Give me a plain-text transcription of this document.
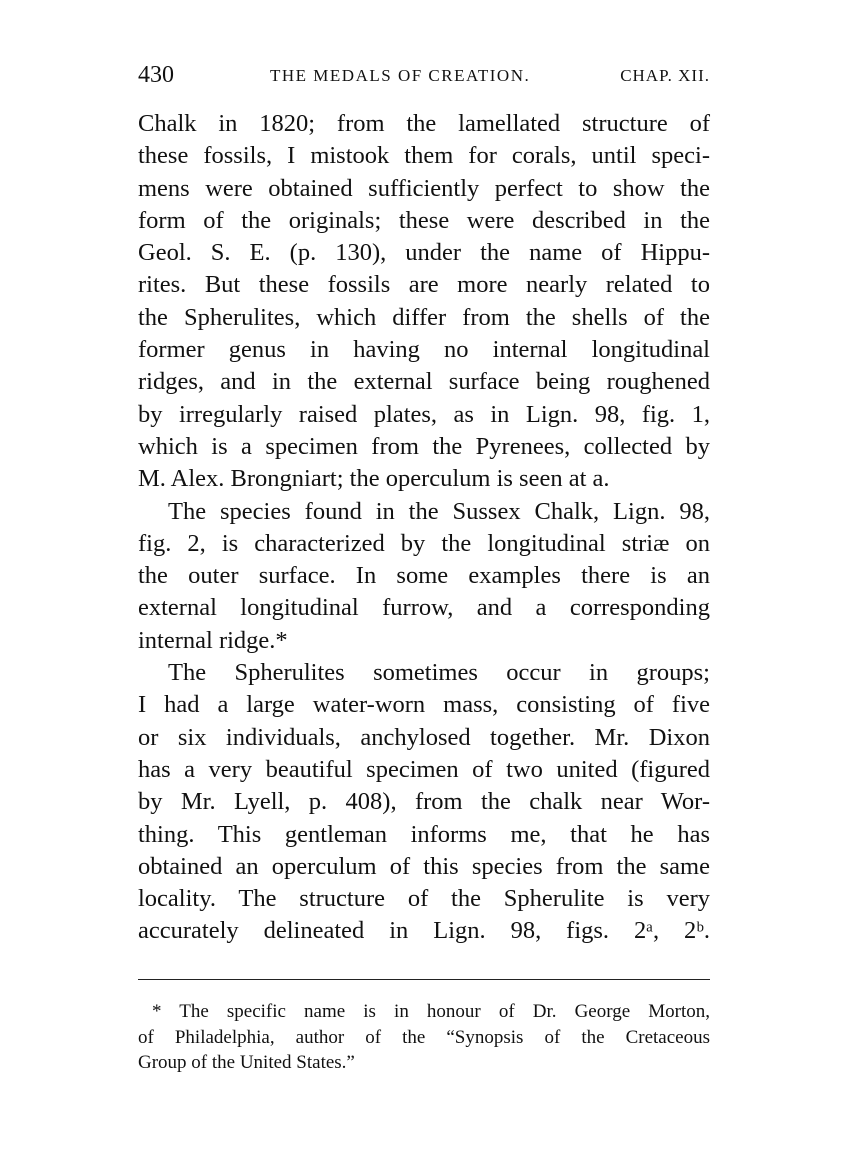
430	THE MEDALS OF CREATION.	CHAP. XII.
Chalk in 1820; from the lamellated structure of
these fossils, I mistook them for corals, until speci-
mens were obtained sufficiently perfect to show the
form of the originals; these were described in the
Geol. S. E. (p. 130), under the name of Hippu-
rites. But these fossils are more nearly related to
the Spherulites, which differ from the shells of the
former genus in having no internal longitudinal
ridges, and in the external surface being roughened
by irregularly raised plates, as in Lign. 98, fig. 1,
which is a specimen from the Pyrenees, collected by
M. Alex. Brongniart; the operculum is seen at a.
The species found in the Sussex Chalk, Lign. 98,
fig. 2, is characterized by the longitudinal striæ on
the outer surface. In some examples there is an
external longitudinal furrow, and a corresponding
internal ridge.*
The Spherulites sometimes occur in groups;
I had a large water-worn mass, consisting of five
or six individuals, anchylosed together. Mr. Dixon
has a very beautiful specimen of two united (figured
by Mr. Lyell, p. 408), from the chalk near Wor-
thing. This gentleman informs me, that he has
obtained an operculum of this species from the same
locality. The structure of the Spherulite is very
accurately delineated in Lign. 98, figs. 2ᵃ, 2ᵇ.
* The specific name is in honour of Dr. George Morton,
of Philadelphia, author of the “Synopsis of the Cretaceous
Group of the United States.”
